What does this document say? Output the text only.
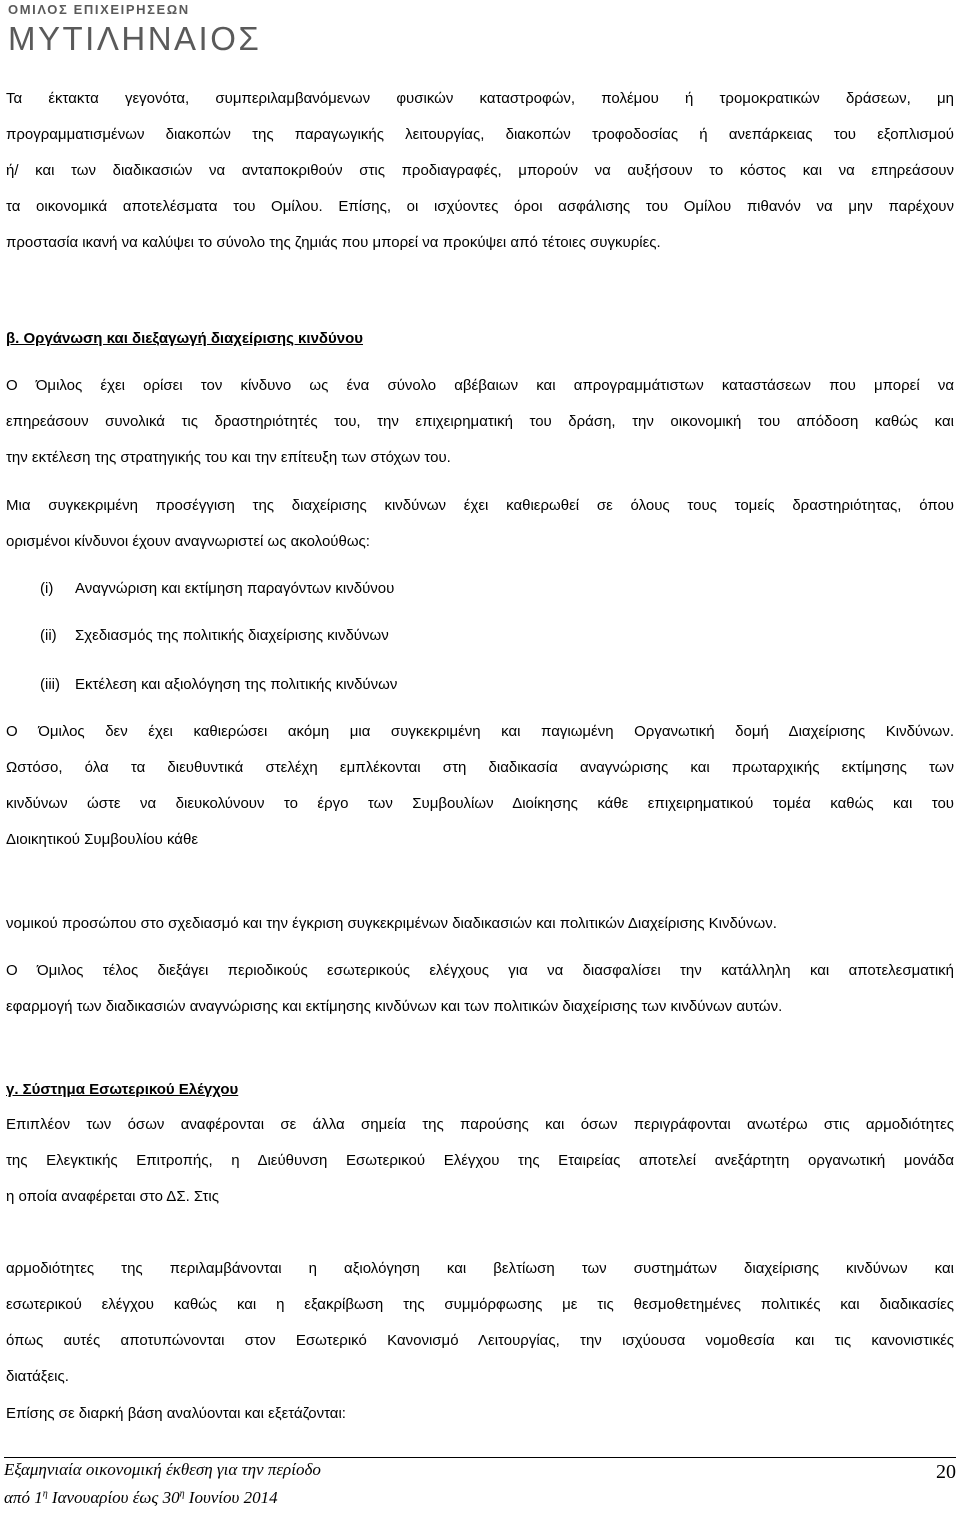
ΟΜΙΛΟΣ ΕΠΙΧΕΙΡΗΣΕΩΝ
ΜΥΤΙΛΗΝΑΙΟΣ

Τα έκτακτα γεγονότα, συμπεριλαμβανόμενων φυσικών καταστροφών, πολέμου ή τρομοκρατικών δράσεων, μη

προγραμματισμένων διακοπών της παραγωγικής λειτουργίας, διακοπών τροφοδοσίας ή ανεπάρκειας του εξοπλισμού

ή/ και των διαδικασιών να ανταποκριθούν στις προδιαγραφές, μπορούν να αυξήσουν το κόστος και να επηρεάσουν

τα οικονομικά αποτελέσματα του Ομίλου. Επίσης, οι ισχύοντες όροι ασφάλισης του Ομίλου πιθανόν να μην παρέχουν

προστασία ικανή να καλύψει το σύνολο της ζημιάς που μπορεί να προκύψει από τέτοιες συγκυρίες.

β. Οργάνωση και διεξαγωγή διαχείρισης κινδύνου

Ο Όμιλος έχει ορίσει τον κίνδυνο ως ένα σύνολο αβέβαιων και απρογραμμάτιστων καταστάσεων που μπορεί να

επηρεάσουν συνολικά τις δραστηριότητές του, την επιχειρηματική του δράση, την οικονομική του απόδοση καθώς και

την εκτέλεση της στρατηγικής του και την επίτευξη των στόχων του.

Μια συγκεκριμένη προσέγγιση της διαχείρισης κινδύνων έχει καθιερωθεί σε όλους τους τομείς δραστηριότητας, όπου

ορισμένοι κίνδυνοι έχουν αναγνωριστεί ως ακολούθως:

(i) Αναγνώριση και εκτίμηση παραγόντων κινδύνου
(ii) Σχεδιασμός της πολιτικής διαχείρισης κινδύνων
(iii) Εκτέλεση και αξιολόγηση της πολιτικής κινδύνων

Ο Όμιλος δεν έχει καθιερώσει ακόμη μια συγκεκριμένη και παγιωμένη Οργανωτική δομή Διαχείρισης Κινδύνων.

Ωστόσο, όλα τα διευθυντικά στελέχη εμπλέκονται στη διαδικασία αναγνώρισης και πρωταρχικής εκτίμησης των

κινδύνων ώστε να διευκολύνουν το έργο των Συμβουλίων Διοίκησης κάθε επιχειρηματικού τομέα καθώς και του

Διοικητικού Συμβουλίου κάθε

νομικού προσώπου στο σχεδιασμό και την έγκριση συγκεκριμένων διαδικασιών και πολιτικών Διαχείρισης Κινδύνων.

Ο Όμιλος τέλος διεξάγει περιοδικούς εσωτερικούς ελέγχους για να διασφαλίσει την κατάλληλη και αποτελεσματική

εφαρμογή των διαδικασιών αναγνώρισης και εκτίμησης κινδύνων και των πολιτικών διαχείρισης των κινδύνων αυτών.

γ. Σύστημα Εσωτερικού Ελέγχου

Επιπλέον των όσων αναφέρονται σε άλλα σημεία της παρούσης και όσων περιγράφονται ανωτέρω στις αρμοδιότητες

της Ελεγκτικής Επιτροπής, η Διεύθυνση Εσωτερικού Ελέγχου της Εταιρείας αποτελεί ανεξάρτητη οργανωτική μονάδα

η οποία αναφέρεται στο ΔΣ. Στις

αρμοδιότητες της περιλαμβάνονται η αξιολόγηση και βελτίωση των συστημάτων διαχείρισης κινδύνων και

εσωτερικού ελέγχου καθώς και η εξακρίβωση της συμμόρφωσης με τις θεσμοθετημένες πολιτικές και διαδικασίες

όπως αυτές αποτυπώνονται στον Εσωτερικό Κανονισμό Λειτουργίας, την ισχύουσα νομοθεσία και τις κανονιστικές

διατάξεις.

Επίσης σε διαρκή βάση αναλύονται και εξετάζονται:

Εξαμηνιαία οικονομική έκθεση για την περίοδο
από $1^\eta$ Ιανουαρίου έως $30^\eta$ Ιουνίου 2014
20
